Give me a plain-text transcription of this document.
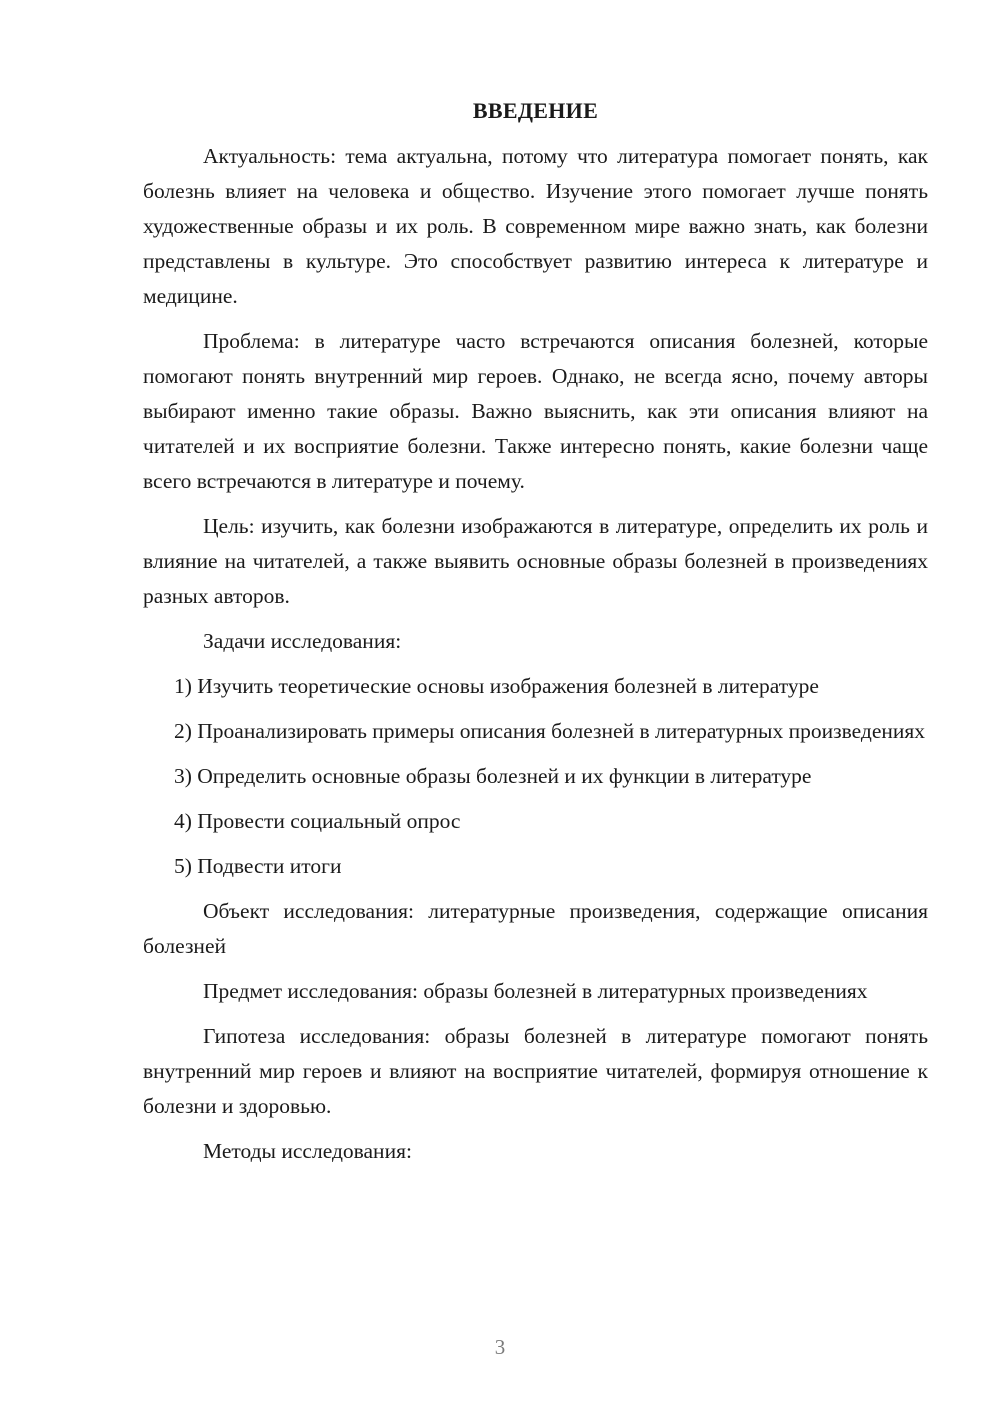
ВВЕДЕНИЕ

Актуальность: тема актуальна, потому что литература помогает понять, как болезнь влияет на человека и общество. Изучение этого помогает лучше понять художественные образы и их роль. В современном мире важно знать, как болезни представлены в культуре. Это способствует развитию интереса к литературе и медицине.

Проблема: в литературе часто встречаются описания болезней, которые помогают понять внутренний мир героев. Однако, не всегда ясно, почему авторы выбирают именно такие образы. Важно выяснить, как эти описания влияют на читателей и их восприятие болезни. Также интересно понять, какие болезни чаще всего встречаются в литературе и почему.

Цель: изучить, как болезни изображаются в литературе, определить их роль и влияние на читателей, а также выявить основные образы болезней в произведениях разных авторов.

Задачи исследования:

1) Изучить теоретические основы изображения болезней в литературе

2) Проанализировать примеры описания болезней в литературных произведениях

3) Определить основные образы болезней и их функции в литературе

4) Провести социальный опрос

5) Подвести итоги

Объект исследования: литературные произведения, содержащие описания болезней

Предмет исследования: образы болезней в литературных произведениях

Гипотеза исследования: образы болезней в литературе помогают понять внутренний мир героев и влияют на восприятие читателей, формируя отношение к болезни и здоровью.

Методы исследования:

3
